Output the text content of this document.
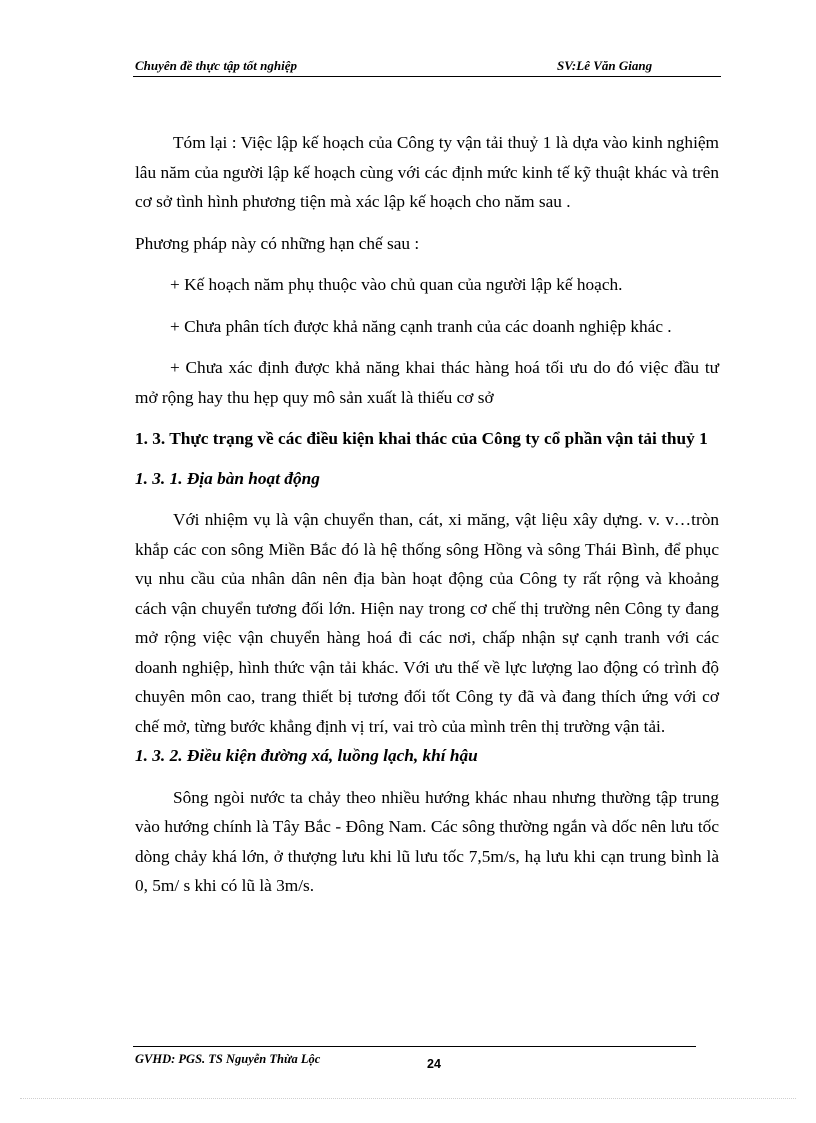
Chuyên đề thực tập tốt nghiệp	SV:Lê Văn Giang

Tóm lại : Việc lập kế hoạch của Công ty vận tải thuỷ 1 là dựa vào kinh nghiệm lâu năm của người lập kế hoạch cùng với các định mức kinh tế kỹ thuật khác và trên cơ sở tình hình phương tiện mà xác lập kế hoạch cho năm sau .

Phương pháp này có những hạn chế sau :

+ Kế hoạch năm phụ thuộc vào chủ quan của người lập kế hoạch.

+ Chưa phân tích được khả năng cạnh tranh của các doanh nghiệp khác .

+ Chưa xác định được khả năng khai thác hàng hoá tối ưu do đó việc đầu tư mở rộng hay thu hẹp quy mô sản xuất là thiếu cơ sở

1. 3. Thực trạng về các điều kiện khai thác của Công ty cổ phần vận tải thuỷ 1

1. 3. 1. Địa bàn hoạt động

Với nhiệm vụ là vận chuyển than, cát, xi măng, vật liệu xây dựng. v. v…tròn khắp các con sông Miền Bắc đó là hệ thống sông Hồng và sông Thái Bình, để phục vụ nhu cầu của nhân dân nên địa bàn hoạt động của Công ty rất rộng và khoảng cách vận chuyển tương đối lớn. Hiện nay trong cơ chế thị trường nên Công ty đang mở rộng việc vận chuyển hàng hoá đi các nơi, chấp nhận sự cạnh tranh với các doanh nghiệp, hình thức vận tải khác. Với ưu thế về lực lượng lao động có trình độ chuyên môn cao, trang thiết bị tương đối tốt Công ty đã và đang thích ứng với cơ chế mở, từng bước khẳng định vị trí, vai trò của mình trên thị trường vận tải.

1. 3. 2. Điều kiện đường xá, luồng lạch, khí hậu

Sông ngòi nước ta chảy theo nhiều hướng khác nhau nhưng thường tập trung vào hướng chính là Tây Bắc - Đông Nam. Các sông thường ngắn và dốc nên lưu tốc dòng chảy khá lớn, ở thượng lưu khi lũ lưu tốc 7,5m/s, hạ lưu khi cạn trung bình là 0, 5m/ s khi có lũ là 3m/s.

GVHD: PGS. TS Nguyễn Thừa Lộc	24
